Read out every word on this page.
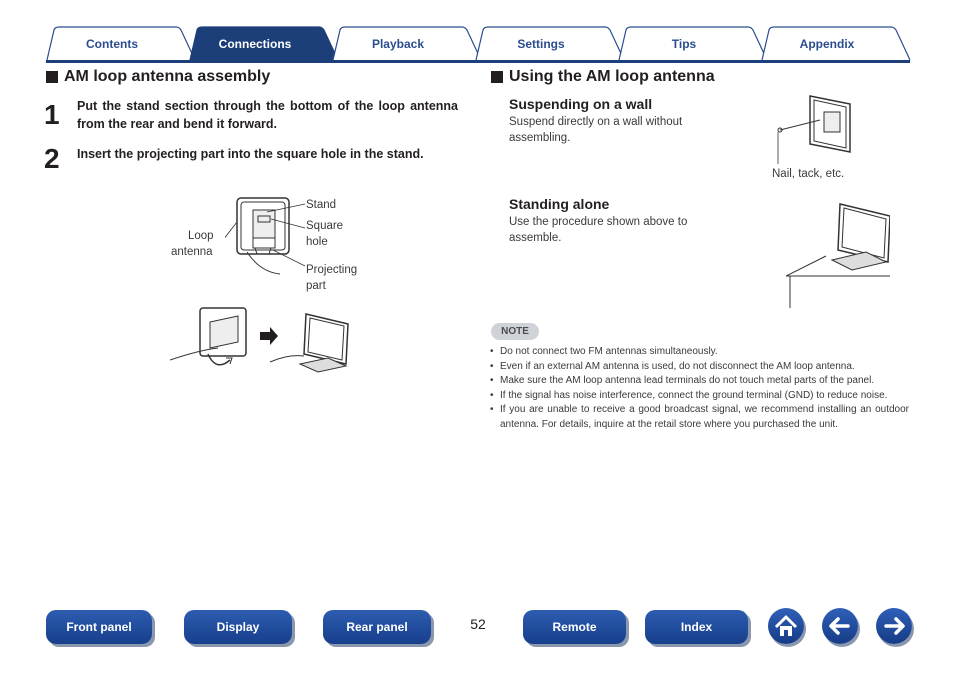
Contents	Connections	Playback	Settings	Tips	Appendix
AM loop antenna assembly
1 Put the stand section through the bottom of the loop antenna from the rear and bend it forward.
2 Insert the projecting part into the square hole in the stand.
Stand
Square
hole
Loop
antenna
Projecting
part
Using the AM loop antenna
Suspending on a wall
Suspend directly on a wall without
assembling.
Nail, tack, etc.
Standing alone
Use the procedure shown above to
assemble.
NOTE
• Do not connect two FM antennas simultaneously.
• Even if an external AM antenna is used, do not disconnect the AM loop antenna.
• Make sure the AM loop antenna lead terminals do not touch metal parts of the panel.
• If the signal has noise interference, connect the ground terminal (GND) to reduce noise.
• If you are unable to receive a good broadcast signal, we recommend installing an outdoor antenna. For details, inquire at the retail store where you purchased the unit.
Front panel	Display	Rear panel	52	Remote	Index
